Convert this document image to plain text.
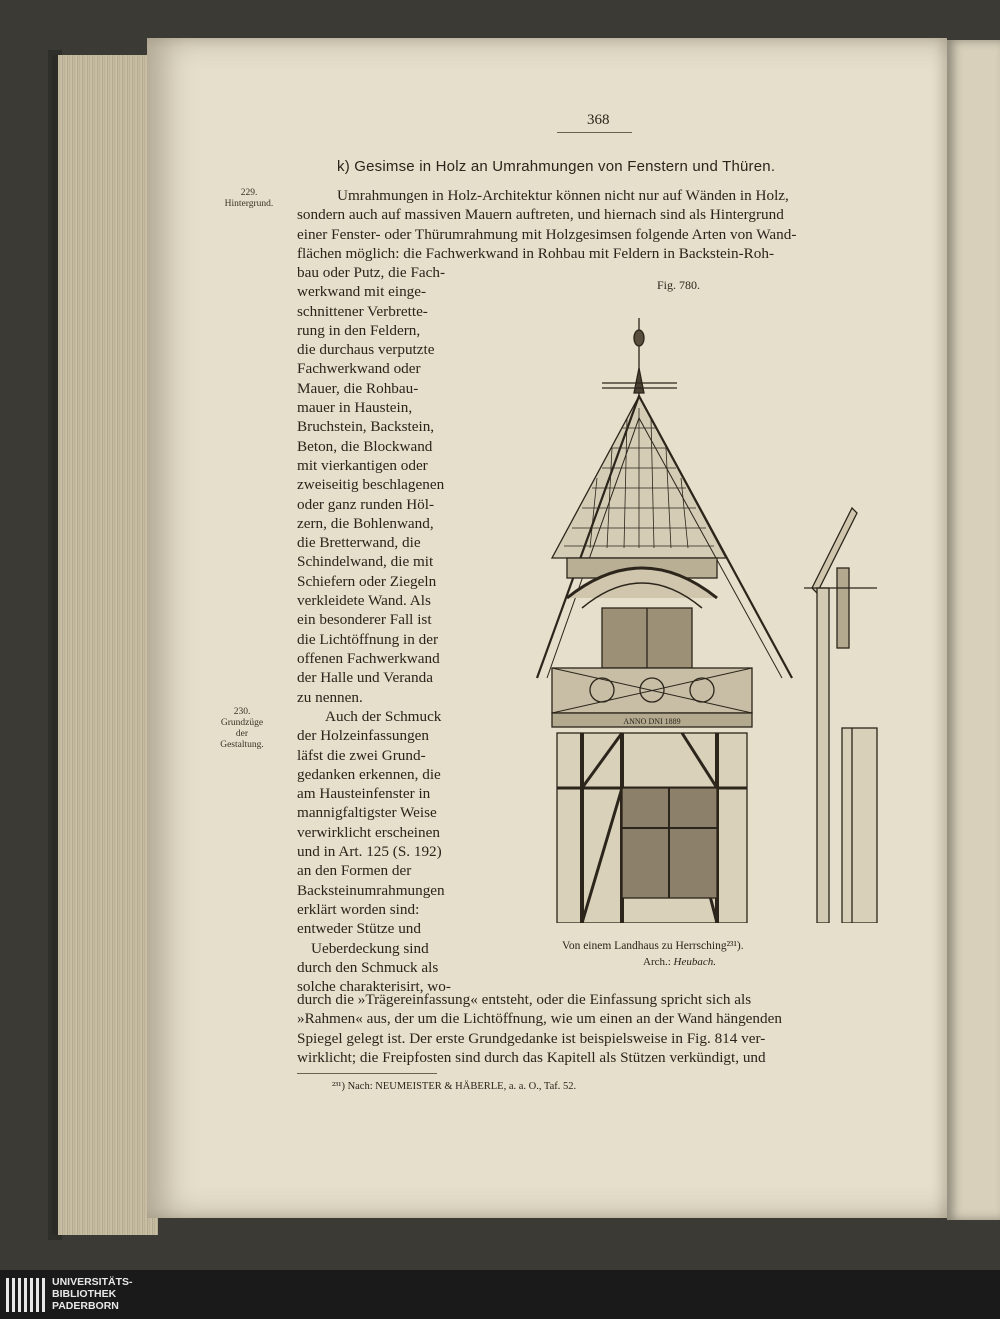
368
k) Gesimse in Holz an Umrahmungen von Fenstern und Thüren.
229.
Hintergrund.
230.
Grundzüge
der
Gestaltung.
Umrahmungen in Holz-Architektur können nicht nur auf Wänden in Holz,
sondern auch auf massiven Mauern auftreten, und hiernach sind als Hintergrund
einer Fenster- oder Thürumrahmung mit Holzgesimsen folgende Arten von Wand-
flächen möglich: die Fachwerkwand in Rohbau mit Feldern in Backstein-Roh-
bau oder Putz, die Fach-
werkwand mit einge-
schnittener Verbrette-
rung in den Feldern,
die durchaus verputzte
Fachwerkwand oder
Mauer, die Rohbau-
mauer in Haustein,
Bruchstein, Backstein,
Beton, die Blockwand
mit vierkantigen oder
zweiseitig beschlagenen
oder ganz runden Höl-
zern, die Bohlenwand,
die Bretterwand, die
Schindelwand, die mit
Schiefern oder Ziegeln
verkleidete Wand. Als
ein besonderer Fall ist
die Lichtöffnung in der
offenen Fachwerkwand
der Halle und Veranda
zu nennen.
Auch der Schmuck
der Holzeinfassungen
läfst die zwei Grund-
gedanken erkennen, die
am Hausteinfenster in
mannigfaltigster Weise
verwirklicht erscheinen
und in Art. 125 (S. 192)
an den Formen der
Backsteinumrahmungen
erklärt worden sind:
entweder Stütze und
Ueberdeckung sind
durch den Schmuck als
solche charakterisirt, wo-
durch die »Trägereinfassung« entsteht, oder die Einfassung spricht sich als
»Rahmen« aus, der um die Lichtöffnung, wie um einen an der Wand hängenden
Spiegel gelegt ist. Der erste Grundgedanke ist beispielsweise in Fig. 814 ver-
wirklicht; die Freipfosten sind durch das Kapitell als Stützen verkündigt, und
Fig. 780.
ANNO DNI 1889
Von einem Landhaus zu Herrsching²³¹).
Arch.: Heubach.
²³¹) Nach: NEUMEISTER & HÄBERLE, a. a. O., Taf. 52.
UNIVERSITÄTS-
BIBLIOTHEK
PADERBORN
